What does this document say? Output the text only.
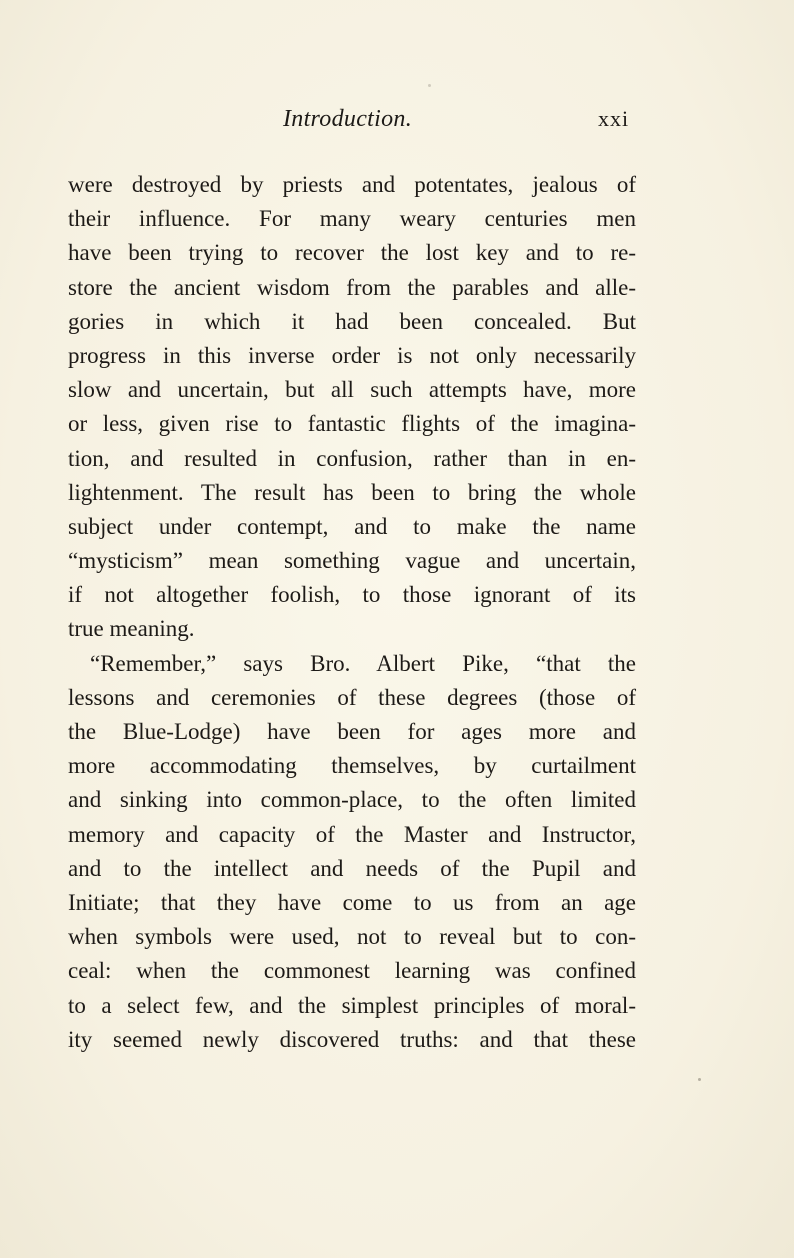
Introduction.	xxi
were destroyed by priests and potentates, jealous of
their influence. For many weary centuries men
have been trying to recover the lost key and to re-
store the ancient wisdom from the parables and alle-
gories in which it had been concealed. But
progress in this inverse order is not only necessarily
slow and uncertain, but all such attempts have, more
or less, given rise to fantastic flights of the imagina-
tion, and resulted in confusion, rather than in en-
lightenment. The result has been to bring the whole
subject under contempt, and to make the name
“mysticism” mean something vague and uncertain,
if not altogether foolish, to those ignorant of its
true meaning.
“Remember,” says Bro. Albert Pike, “that the
lessons and ceremonies of these degrees (those of
the Blue-Lodge) have been for ages more and
more accommodating themselves, by curtailment
and sinking into common-place, to the often limited
memory and capacity of the Master and Instructor,
and to the intellect and needs of the Pupil and
Initiate; that they have come to us from an age
when symbols were used, not to reveal but to con-
ceal: when the commonest learning was confined
to a select few, and the simplest principles of moral-
ity seemed newly discovered truths: and that these
